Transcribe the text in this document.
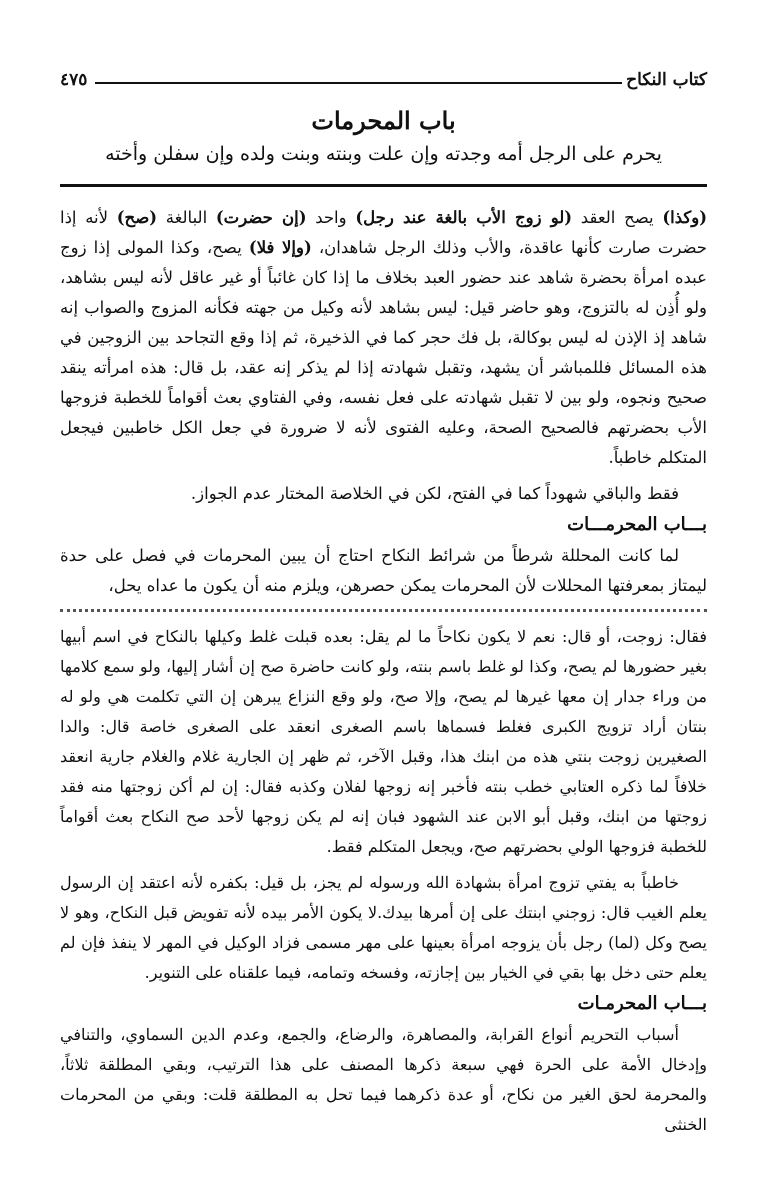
كتاب النكاح
٤٧٥
باب المحرمات
يحرم على الرجل أمه وجدته وإن علت وبنته وبنت ولده وإن سفلن وأخته

(وكذا) يصح العقد (لو زوج الأب بالغة عند رجل) واحد (إن حضرت) البالغة (صح) لأنه إذا حضرت صارت كأنها عاقدة، والأب وذلك الرجل شاهدان، (وإلا فلا) يصح، وكذا المولى إذا زوج عبده امرأة بحضرة شاهد عند حضور العبد بخلاف ما إذا كان غائباً أو غير عاقل لأنه ليس بشاهد، ولو أُذِن له بالتزوج، وهو حاضر قيل: ليس بشاهد لأنه وكيل من جهته فكأنه المزوج والصواب إنه شاهد إذ الإذن له ليس بوكالة، بل فك حجر كما في الذخيرة، ثم إذا وقع التجاحد بين الزوجين في هذه المسائل فللمباشر أن يشهد، وتقبل شهادته إذا لم يذكر إنه عقد، بل قال: هذه امرأته ينقد صحيح ونجوه، ولو بين لا تقبل شهادته على فعل نفسه، وفي الفتاوي بعث أقواماً للخطبة فزوجها الأب بحضرتهم فالصحيح الصحة، وعليه الفتوى لأنه لا ضرورة في جعل الكل خاطبين فيجعل المتكلم خاطباً.

فقط والباقي شهوداً كما في الفتح، لكن في الخلاصة المختار عدم الجواز.

بـــاب المحرمـــات

لما كانت المحللة شرطاً من شرائط النكاح احتاج أن يبين المحرمات في فصل على حدة ليمتاز بمعرفتها المحللات لأن المحرمات يمكن حصرهن، ويلزم منه أن يكون ما عداه يحل،

فقال: زوجت، أو قال: نعم لا يكون نكاحاً ما لم يقل: بعده قبلت غلط وكيلها بالنكاح في اسم أبيها بغير حضورها لم يصح، وكذا لو غلط باسم بنته، ولو كانت حاضرة صح إن أشار إليها، ولو سمع كلامها من وراء جدار إن معها غيرها لم يصح، وإلا صح، ولو وقع النزاع يبرهن إن التي تكلمت هي ولو له بنتان أراد تزويج الكبرى فغلط فسماها باسم الصغرى انعقد على الصغرى خاصة قال: والدا الصغيرين زوجت بنتي هذه من ابنك هذا، وقبل الآخر، ثم ظهر إن الجارية غلام والغلام جارية انعقد خلافاً لما ذكره العتابي خطب بنته فأخبر إنه زوجها لفلان وكذبه فقال: إن لم أكن زوجتها منه فقد زوجتها من ابنك، وقبل أبو الابن عند الشهود فبان إنه لم يكن زوجها لأحد صح النكاح بعث أقواماً للخطبة فزوجها الولي بحضرتهم صح، ويجعل المتكلم فقط.

خاطباً به يفتي تزوج امرأة بشهادة الله ورسوله لم يجز، بل قيل: بكفره لأنه اعتقد إن الرسول يعلم الغيب قال: زوجني ابنتك على إن أمرها بيدك.لا يكون الأمر بيده لأنه تفويض قبل النكاح، وهو لا يصح وكل (لما) رجل بأن يزوجه امرأة بعينها على مهر مسمى فزاد الوكيل في المهر لا ينفذ فإن لم يعلم حتى دخل بها بقي في الخيار بين إجازته، وفسخه وتمامه، فيما علقناه على التنوير.

بـــاب المحرمـات

أسباب التحريم أنواع القرابة، والمصاهرة، والرضاع، والجمع، وعدم الدين السماوي، والتنافي وإدخال الأمة على الحرة فهي سبعة ذكرها المصنف على هذا الترتيب، وبقي المطلقة ثلاثاً، والمحرمة لحق الغير من نكاح، أو عدة ذكرهما فيما تحل به المطلقة قلت: وبقي من المحرمات الخنثى
